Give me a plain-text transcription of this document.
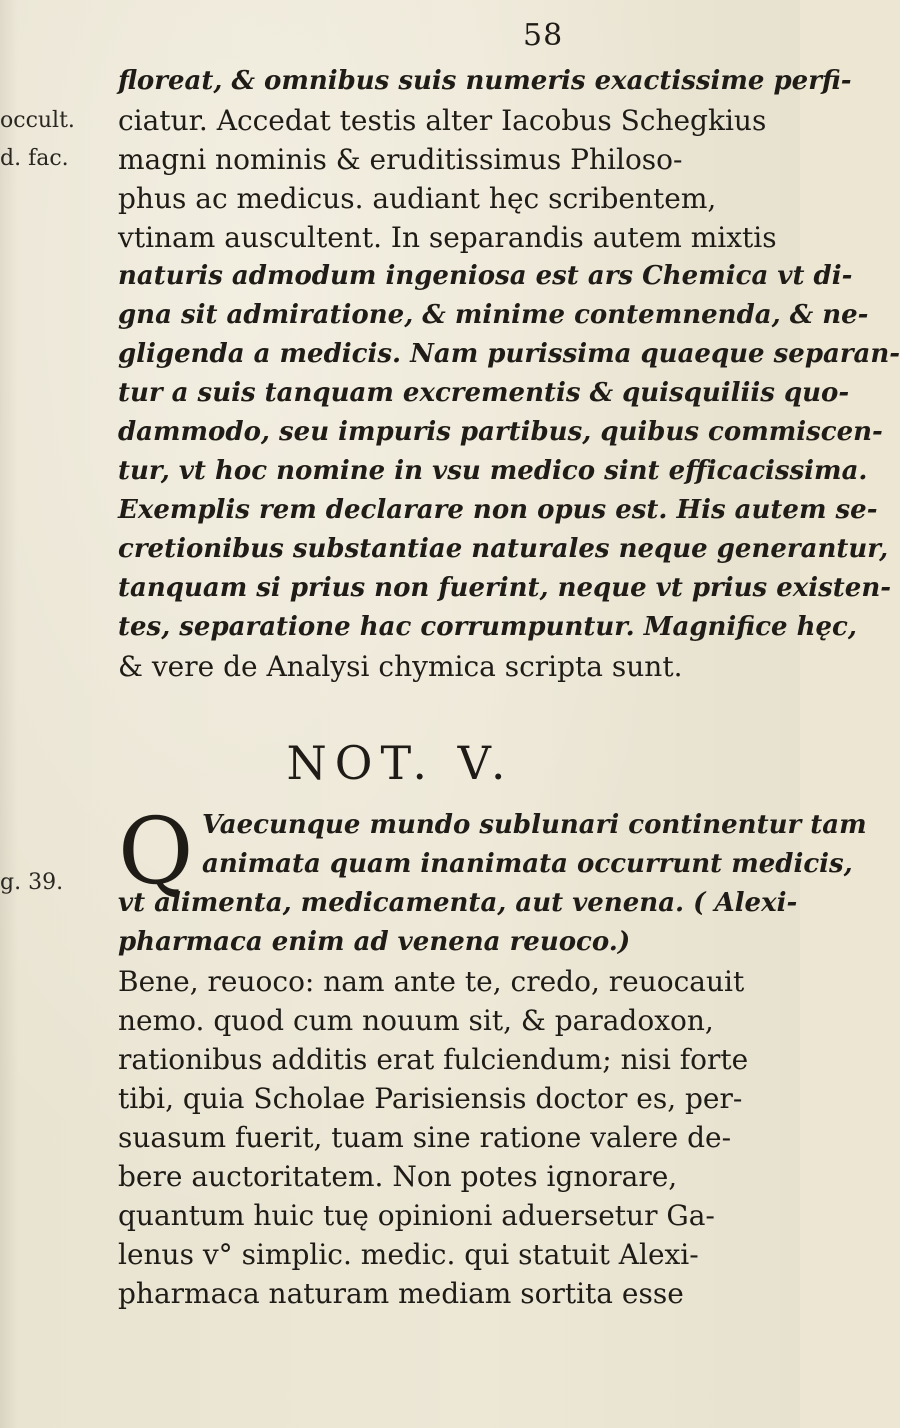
58
occult.
d. fac.
g. 39.
floreat, & omnibus suis numeris exactissime perfi-
ciatur. Accedat testis alter Iacobus Schegkius
magni nominis & eruditissimus Philoso-
phus ac medicus. audiant hęc scribentem,
vtinam auscultent. In separandis autem mixtis
naturis admodum ingeniosa est ars Chemica vt di-
gna sit admiratione, & minime contemnenda, & ne-
gligenda a medicis. Nam purissima quaeque separan-
tur a suis tanquam excrementis & quisquiliis quo-
dammodo, seu impuris partibus, quibus commiscen-
tur, vt hoc nomine in vsu medico sint efficacissima.
Exemplis rem declarare non opus est. His autem se-
cretionibus substantiae naturales neque generantur,
tanquam si prius non fuerint, neque vt prius existen-
tes, separatione hac corrumpuntur. Magnifice hęc,
& vere de Analysi chymica scripta sunt.
NOT. V.
Q Vaecunque mundo sublunari continentur tam
animata quam inanimata occurrunt medicis,
vt alimenta, medicamenta, aut venena. ( Alexi-
pharmaca enim ad venena reuoco.)
Bene, reuoco: nam ante te, credo, reuocauit
nemo. quod cum nouum sit, & paradoxon,
rationibus additis erat fulciendum; nisi forte
tibi, quia Scholae Parisiensis doctor es, per-
suasum fuerit, tuam sine ratione valere de-
bere auctoritatem. Non potes ignorare,
quantum huic tuę opinioni aduersetur Ga-
lenus v° simplic. medic. qui statuit Alexi-
pharmaca naturam mediam sortita esse
